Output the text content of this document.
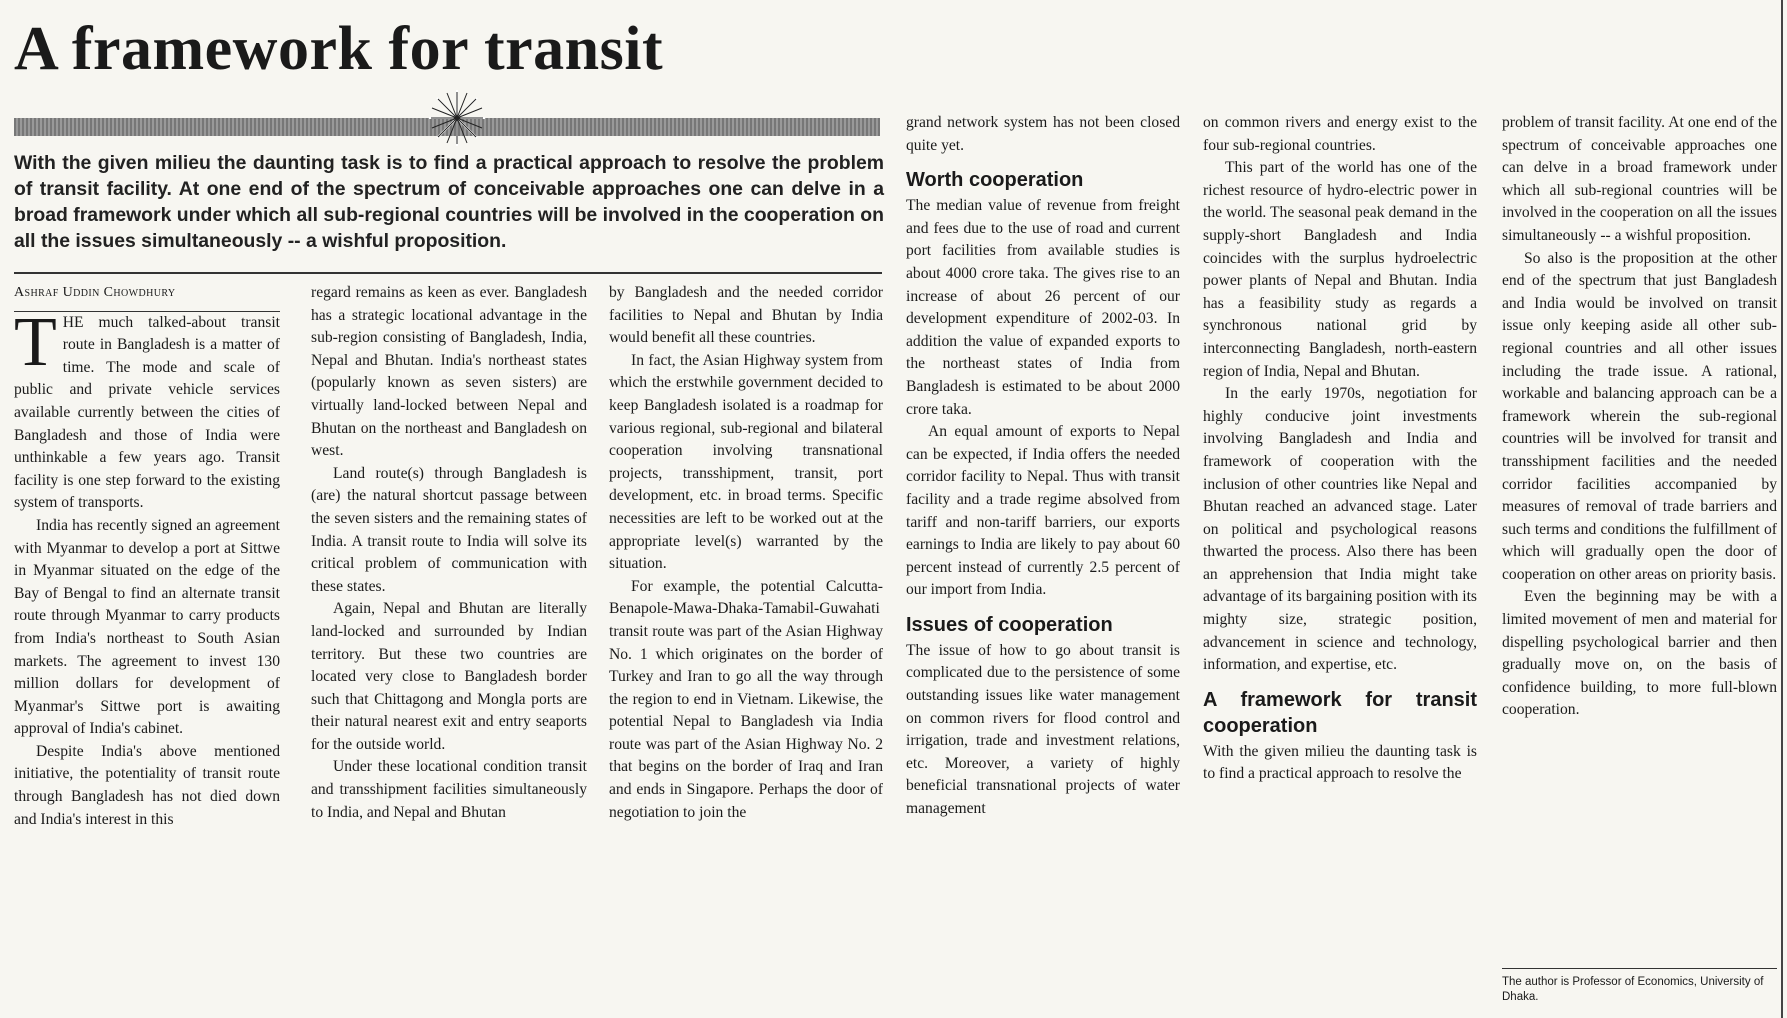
A framework for transit

With the given milieu the daunting task is to find a practical approach to resolve the problem of transit facility. At one end of the spectrum of conceivable approaches one can delve in a broad framework under which all sub-regional countries will be involved in the cooperation on all the issues simultaneously -- a wishful proposition.

Ashraf Uddin Chowdhury

THE much talked-about transit route in Bangladesh is a matter of time. The mode and scale of public and private vehicle services available currently between the cities of Bangladesh and those of India were unthinkable a few years ago. Transit facility is one step forward to the existing system of transports.

India has recently signed an agreement with Myanmar to develop a port at Sittwe in Myanmar situated on the edge of the Bay of Bengal to find an alternate transit route through Myanmar to carry products from India's northeast to South Asian markets. The agreement to invest 130 million dollars for development of Myanmar's Sittwe port is awaiting approval of India's cabinet.

Despite India's above mentioned initiative, the potentiality of transit route through Bangladesh has not died down and India's interest in this

regard remains as keen as ever. Bangladesh has a strategic locational advantage in the sub-region consisting of Bangladesh, India, Nepal and Bhutan. India's northeast states (popularly known as seven sisters) are virtually land-locked between Nepal and Bhutan on the northeast and Bangladesh on west.

Land route(s) through Bangladesh is (are) the natural shortcut passage between the seven sisters and the remaining states of India. A transit route to India will solve its critical problem of communication with these states.

Again, Nepal and Bhutan are literally land-locked and surrounded by Indian territory. But these two countries are located very close to Bangladesh border such that Chittagong and Mongla ports are their natural nearest exit and entry seaports for the outside world.

Under these locational condition transit and transshipment facilities simultaneously to India, and Nepal and Bhutan

by Bangladesh and the needed corridor facilities to Nepal and Bhutan by India would benefit all these countries.

In fact, the Asian Highway system from which the erstwhile government decided to keep Bangladesh isolated is a roadmap for various regional, sub-regional and bilateral cooperation involving transnational projects, transshipment, transit, port development, etc. in broad terms. Specific necessities are left to be worked out at the appropriate level(s) warranted by the situation.

For example, the potential Calcutta-Benapole-Mawa-Dhaka-Tamabil-Guwahati transit route was part of the Asian Highway No. 1 which originates on the border of Turkey and Iran to go all the way through the region to end in Vietnam. Likewise, the potential Nepal to Bangladesh via India route was part of the Asian Highway No. 2 that begins on the border of Iraq and Iran and ends in Singapore. Perhaps the door of negotiation to join the

grand network system has not been closed quite yet.

Worth cooperation

The median value of revenue from freight and fees due to the use of road and current port facilities from available studies is about 4000 crore taka. The gives rise to an increase of about 26 percent of our development expenditure of 2002-03. In addition the value of expanded exports to the northeast states of India from Bangladesh is estimated to be about 2000 crore taka.

An equal amount of exports to Nepal can be expected, if India offers the needed corridor facility to Nepal. Thus with transit facility and a trade regime absolved from tariff and non-tariff barriers, our exports earnings to India are likely to pay about 60 percent instead of currently 2.5 percent of our import from India.

Issues of cooperation

The issue of how to go about transit is complicated due to the persistence of some outstanding issues like water management on common rivers for flood control and irrigation, trade and investment relations, etc. Moreover, a variety of highly beneficial transnational projects of water management

on common rivers and energy exist to the four sub-regional countries.

This part of the world has one of the richest resource of hydro-electric power in the world. The seasonal peak demand in the supply-short Bangladesh and India coincides with the surplus hydroelectric power plants of Nepal and Bhutan. India has a feasibility study as regards a synchronous national grid by interconnecting Bangladesh, north-eastern region of India, Nepal and Bhutan.

In the early 1970s, negotiation for highly conducive joint investments involving Bangladesh and India and framework of cooperation with the inclusion of other countries like Nepal and Bhutan reached an advanced stage. Later on political and psychological reasons thwarted the process. Also there has been an apprehension that India might take advantage of its bargaining position with its mighty size, strategic position, advancement in science and technology, information, and expertise, etc.

A framework for transit cooperation

With the given milieu the daunting task is to find a practical approach to resolve the

problem of transit facility. At one end of the spectrum of conceivable approaches one can delve in a broad framework under which all sub-regional countries will be involved in the cooperation on all the issues simultaneously -- a wishful proposition.

So also is the proposition at the other end of the spectrum that just Bangladesh and India would be involved on transit issue only keeping aside all other sub-regional countries and all other issues including the trade issue. A rational, workable and balancing approach can be a framework wherein the sub-regional countries will be involved for transit and transshipment facilities and the needed corridor facilities accompanied by measures of removal of trade barriers and such terms and conditions the fulfillment of which will gradually open the door of cooperation on other areas on priority basis.

Even the beginning may be with a limited movement of men and material for dispelling psychological barrier and then gradually move on, on the basis of confidence building, to more full-blown cooperation.

The author is Professor of Economics, University of Dhaka.
